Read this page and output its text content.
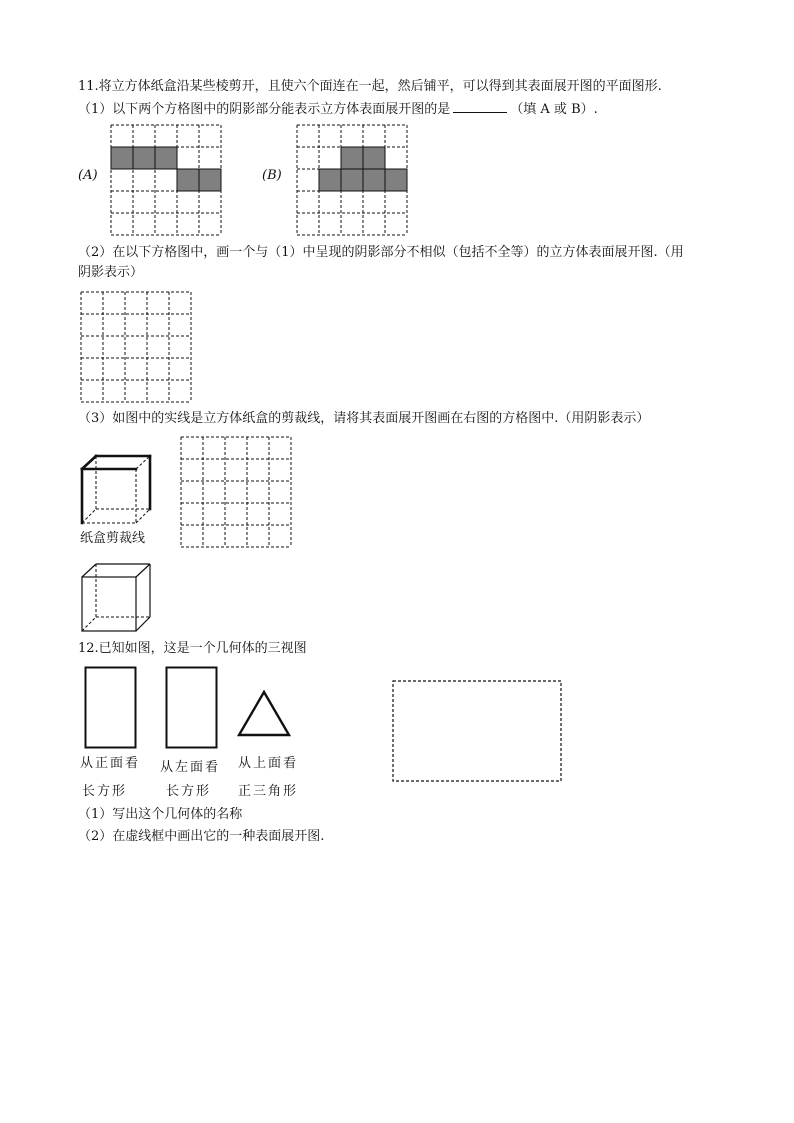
11.将立方体纸盒沿某些棱剪开，且使六个面连在一起，然后铺平，可以得到其表面展开图的平面图形.
（1）以下两个方格图中的阴影部分能表示立方体表面展开图的是	（填 A 或 B）.
(A)	(B)
（2）在以下方格图中，画一个与（1）中呈现的阴影部分不相似（包括不全等）的立方体表面展开图.（用
阴影表示）
（3）如图中的实线是立方体纸盒的剪裁线，请将其表面展开图画在右图的方格图中.（用阴影表示）
纸盒剪裁线
12.已知如图，这是一个几何体的三视图
从正面看
长方形
从左面看
长方形
从上面看
正三角形
（1）写出这个几何体的名称
（2）在虚线框中画出它的一种表面展开图.
